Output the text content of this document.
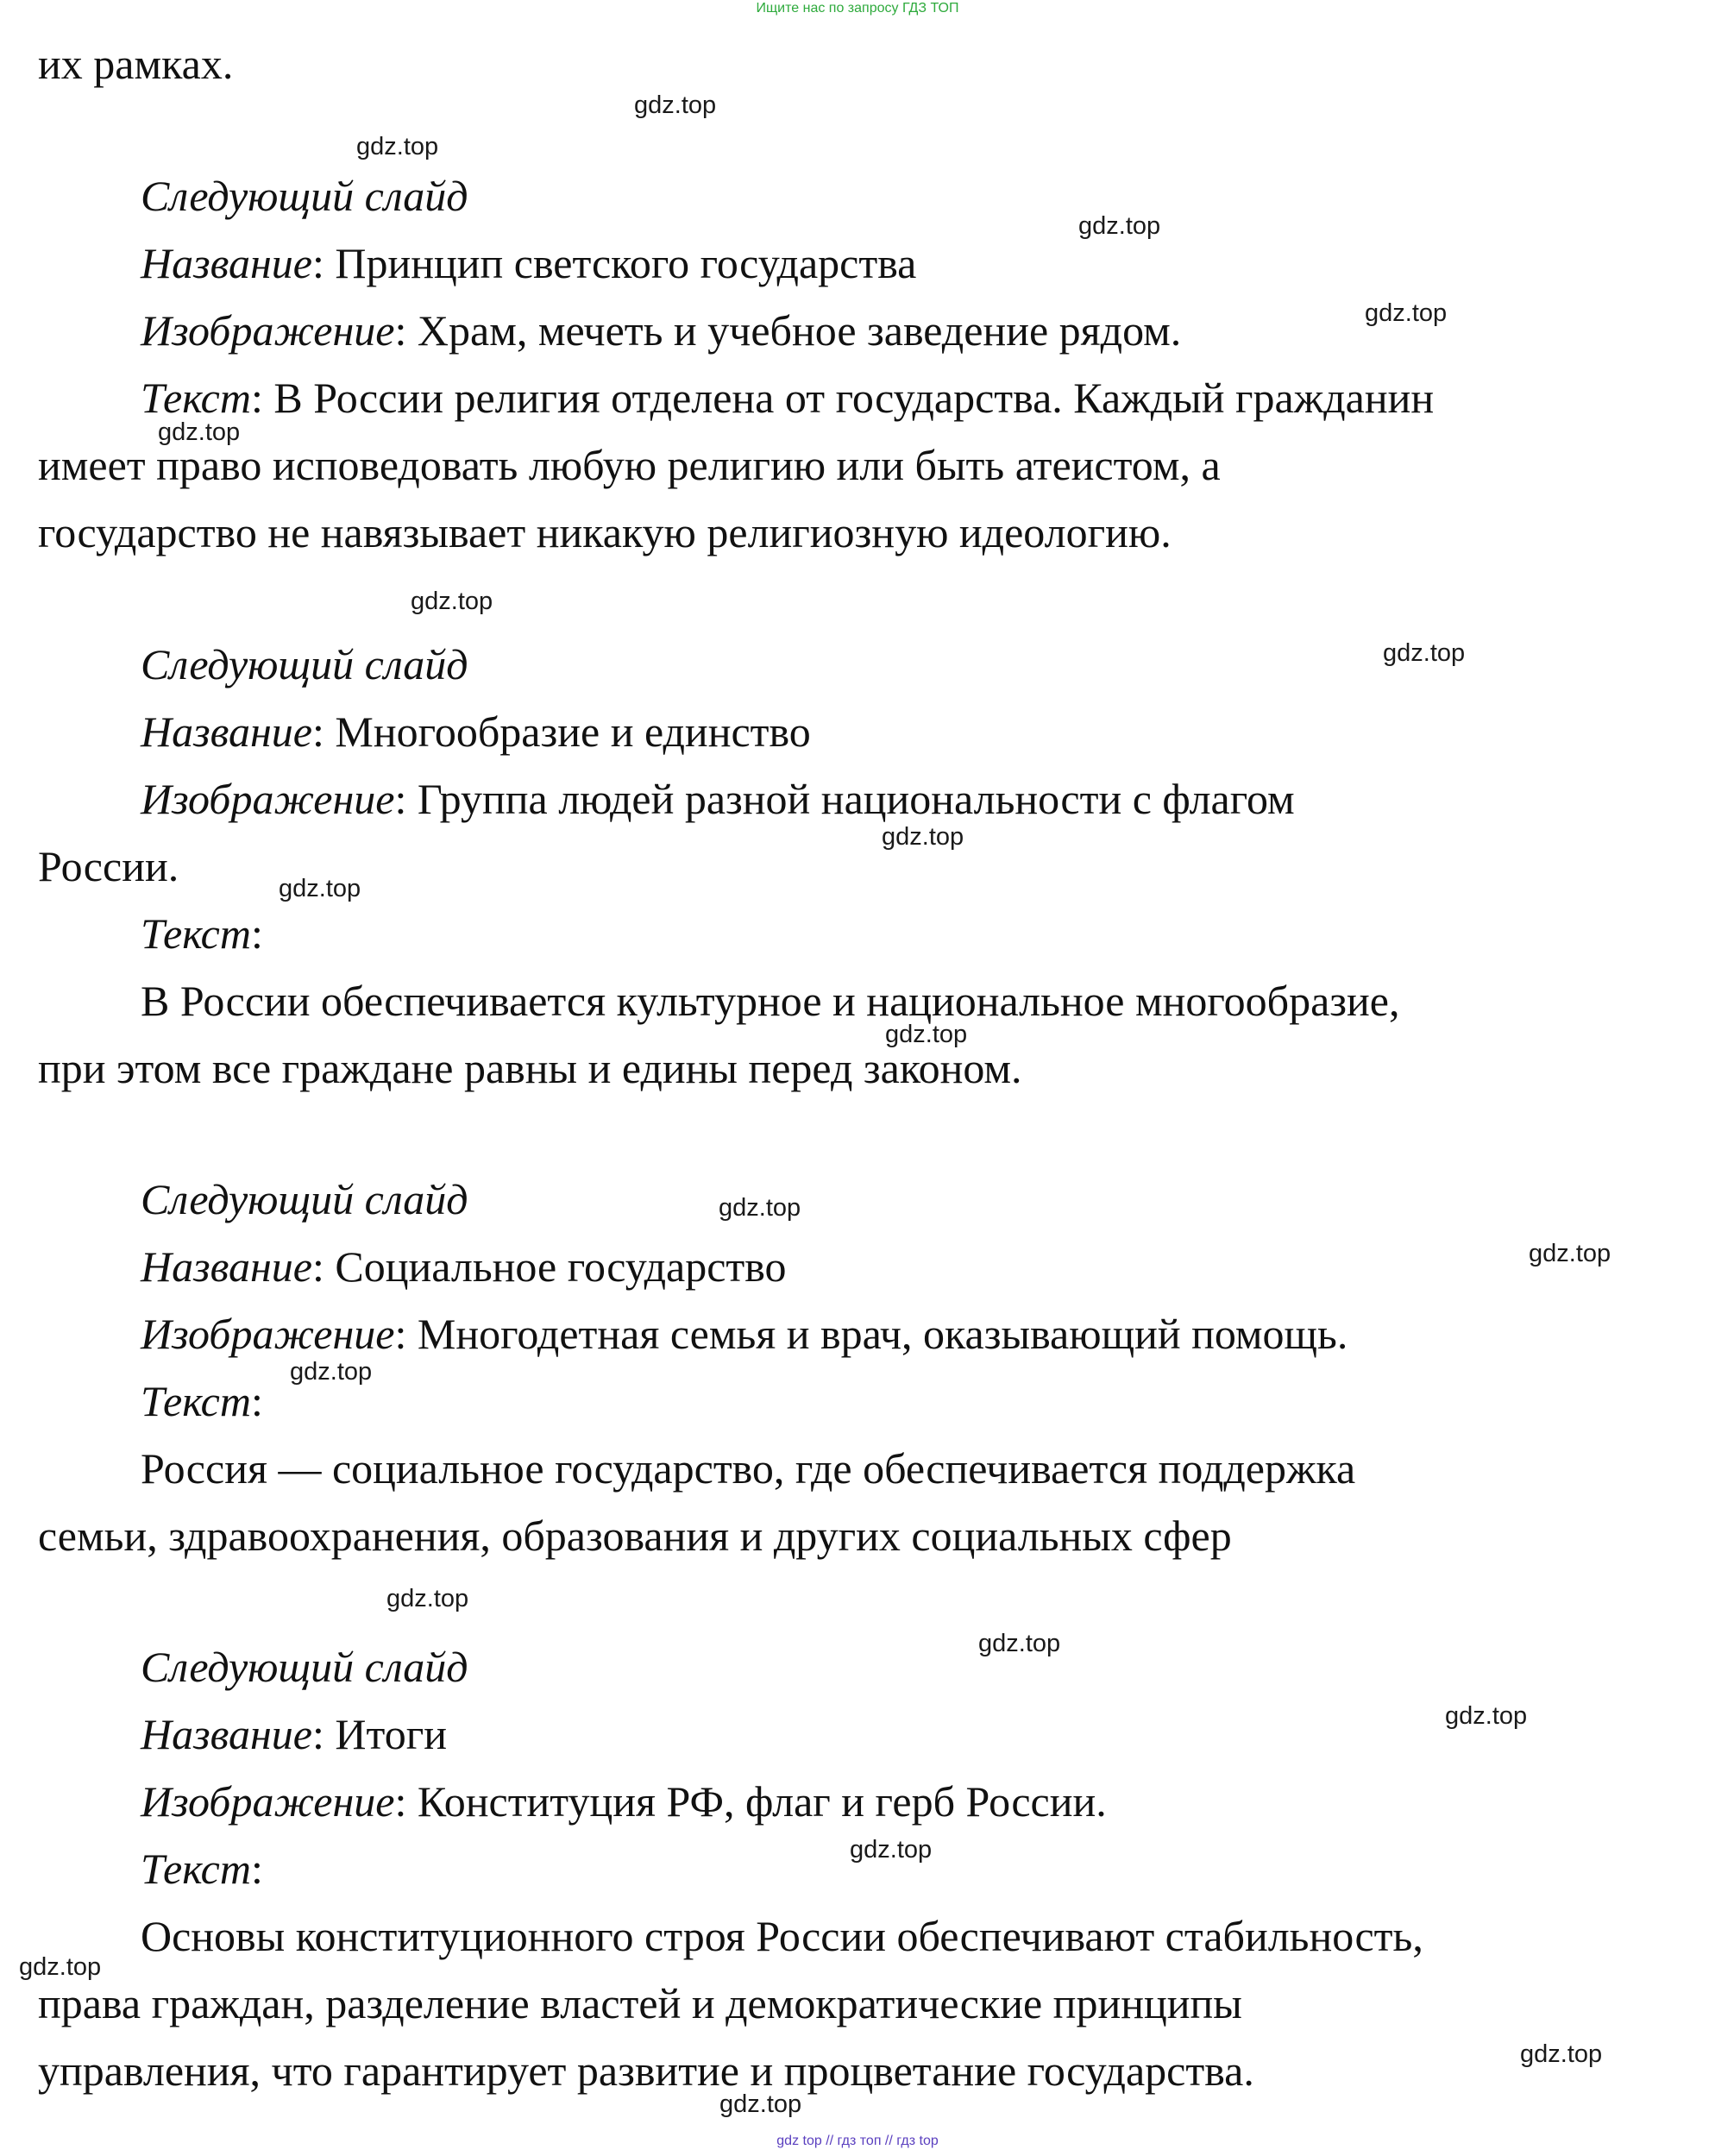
Ищите нас по запросу ГДЗ ТОП
их рамках.
Следующий слайд
Название: Принцип светского государства
Изображение: Храм, мечеть и учебное заведение рядом.
Текст: В России религия отделена от государства. Каждый гражданин
имеет право исповедовать любую религию или быть атеистом, а
государство не навязывает никакую религиозную идеологию.
Следующий слайд
Название: Многообразие и единство
Изображение: Группа людей разной национальности с флагом
России.
Текст:
В России обеспечивается культурное и национальное многообразие,
при этом все граждане равны и едины перед законом.
Следующий слайд
Название: Социальное государство
Изображение: Многодетная семья и врач, оказывающий помощь.
Текст:
Россия — социальное государство, где обеспечивается поддержка
семьи, здравоохранения, образования и других социальных сфер
Следующий слайд
Название: Итоги
Изображение: Конституция РФ, флаг и герб России.
Текст:
Основы конституционного строя России обеспечивают стабильность,
права граждан, разделение властей и демократические принципы
управления, что гарантирует развитие и процветание государства.
gdz.top
gdz.top
gdz.top
gdz.top
gdz.top
gdz.top
gdz.top
gdz.top
gdz.top
gdz.top
gdz.top
gdz.top
gdz.top
gdz.top
gdz.top
gdz.top
gdz.top
gdz.top
gdz.top
gdz.top
gdz top // гдз топ // гдз top
